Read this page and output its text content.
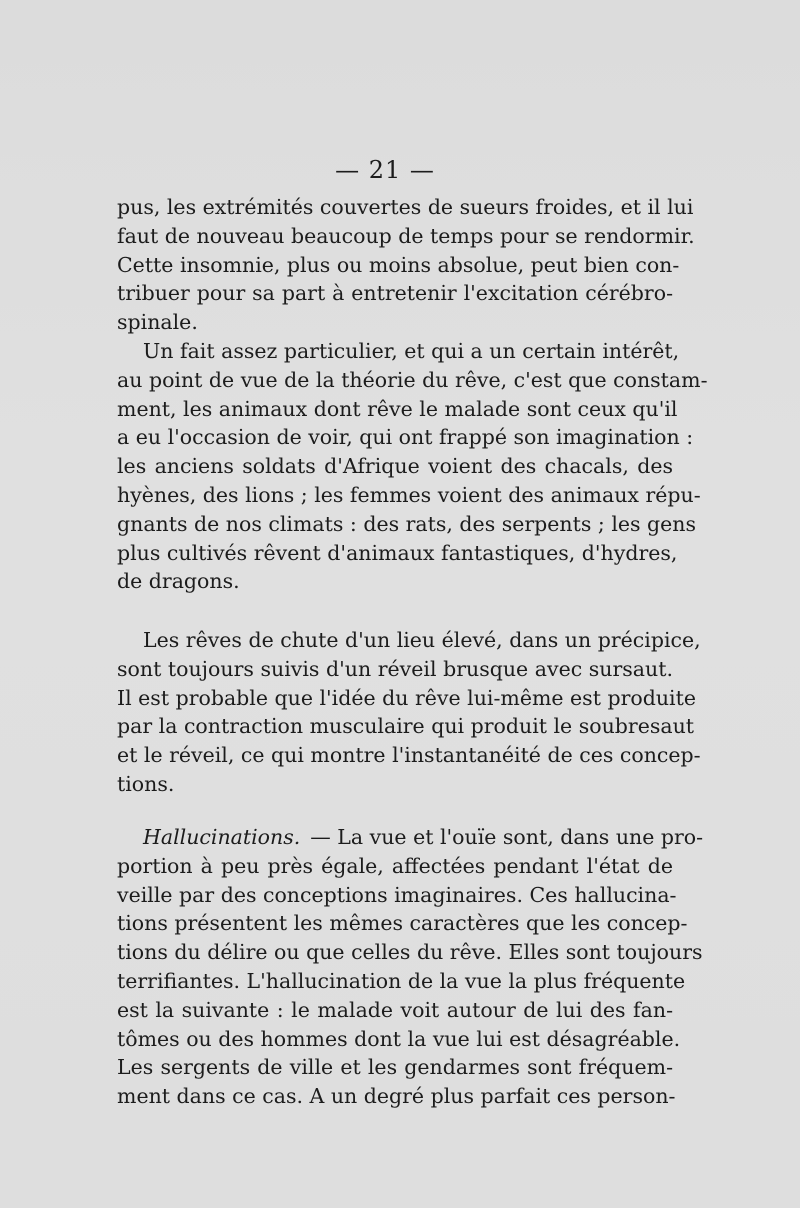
— 21 —
pus, les extrémités couvertes de sueurs froides, et il lui
faut de nouveau beaucoup de temps pour se rendormir.
Cette insomnie, plus ou moins absolue, peut bien con-
tribuer pour sa part à entretenir l'excitation cérébro-
spinale.
Un fait assez particulier, et qui a un certain intérêt,
au point de vue de la théorie du rêve, c'est que constam-
ment, les animaux dont rêve le malade sont ceux qu'il
a eu l'occasion de voir, qui ont frappé son imagination :
les anciens soldats d'Afrique voient des chacals, des
hyènes, des lions ; les femmes voient des animaux répu-
gnants de nos climats : des rats, des serpents ; les gens
plus cultivés rêvent d'animaux fantastiques, d'hydres,
de dragons.
Les rêves de chute d'un lieu élevé, dans un précipice,
sont toujours suivis d'un réveil brusque avec sursaut.
Il est probable que l'idée du rêve lui-même est produite
par la contraction musculaire qui produit le soubresaut
et le réveil, ce qui montre l'instantanéité de ces concep-
tions.
Hallucinations. — La vue et l'ouïe sont, dans une pro-
portion à peu près égale, affectées pendant l'état de
veille par des conceptions imaginaires. Ces hallucina-
tions présentent les mêmes caractères que les concep-
tions du délire ou que celles du rêve. Elles sont toujours
terrifiantes. L'hallucination de la vue la plus fréquente
est la suivante : le malade voit autour de lui des fan-
tômes ou des hommes dont la vue lui est désagréable.
Les sergents de ville et les gendarmes sont fréquem-
ment dans ce cas. A un degré plus parfait ces person-
